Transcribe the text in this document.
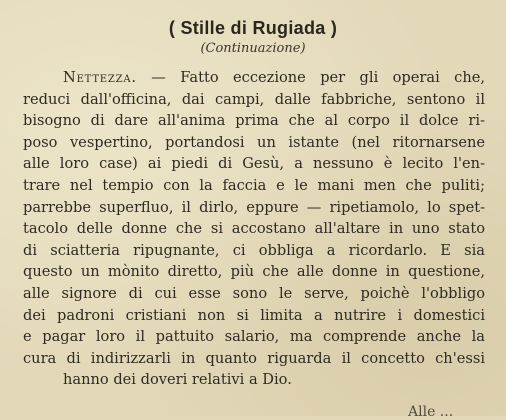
( Stille di Rugiada )
(Continuazione)
Nettezza. — Fatto eccezione per gli operai che,
reduci dall'officina, dai campi, dalle fabbriche, sentono il
bisogno di dare all'anima prima che al corpo il dolce ri-
poso vespertino, portandosi un istante (nel ritornarsene
alle loro case) ai piedi di Gesù, a nessuno è lecito l'en-
trare nel tempio con la faccia e le mani men che puliti;
parrebbe superfluo, il dirlo, eppure — ripetiamolo, lo spet-
tacolo delle donne che si accostano all'altare in uno stato
di sciatteria ripugnante, ci obbliga a ricordarlo. E sia
questo un mònito diretto, più che alle donne in questione,
alle signore di cui esse sono le serve, poichè l'obbligo
dei padroni cristiani non si limita a nutrire i domestici
e pagar loro il pattuito salario, ma comprende anche la
cura di indirizzarli in quanto riguarda il concetto ch'essi
hanno dei doveri relativi a Dio.
Alle ...
